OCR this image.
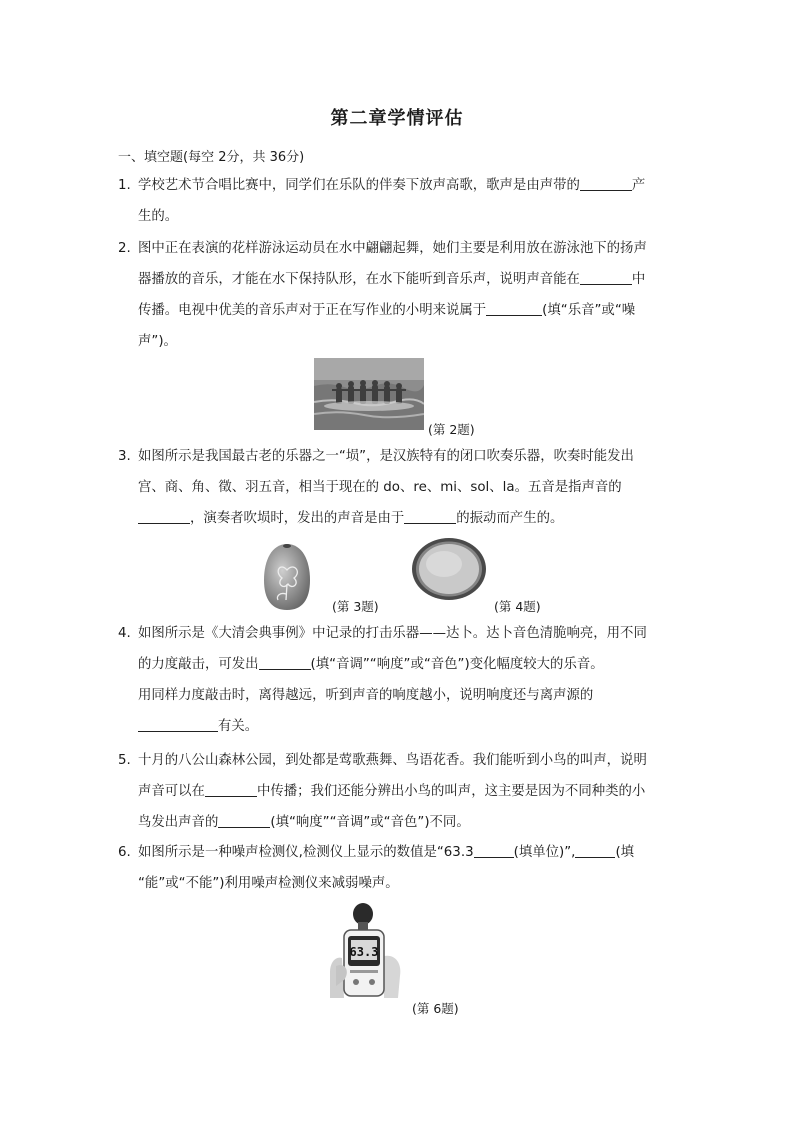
第二章学情评估
一、填空题(每空 2分，共 36分)
1. 学校艺术节合唱比赛中，同学们在乐队的伴奏下放声高歌，歌声是由声带的	产
生的。
2. 图中正在表演的花样游泳运动员在水中翩翩起舞，她们主要是利用放在游泳池下的扬声
器播放的音乐，才能在水下保持队形，在水下能听到音乐声，说明声音能在	中
传播。电视中优美的音乐声对于正在写作业的小明来说属于	(填“乐音”或“噪
声”)。
(第 2题)
3. 如图所示是我国最古老的乐器之一“埙”，是汉族特有的闭口吹奏乐器，吹奏时能发出
宫、商、角、徵、羽五音，相当于现在的 do、re、mi、sol、la。五音是指声音的
，演奏者吹埙时，发出的声音是由于	的振动而产生的。
(第 3题)	(第 4题)
4. 如图所示是《大清会典事例》中记录的打击乐器——达卜。达卜音色清脆响亮，用不同
的力度敲击，可发出	(填“音调”“响度”或“音色”)变化幅度较大的乐音。
用同样力度敲击时，离得越远，听到声音的响度越小，说明响度还与离声源的
有关。
5. 十月的八公山森林公园，到处都是莺歌燕舞、鸟语花香。我们能听到小鸟的叫声，说明
声音可以在	中传播；我们还能分辨出小鸟的叫声，这主要是因为不同种类的小
鸟发出声音的	(填“响度”“音调”或“音色”)不同。
6. 如图所示是一种噪声检测仪,检测仪上显示的数值是“63.3	(填单位)”,	(填
“能”或“不能”)利用噪声检测仪来减弱噪声。
63.3
(第 6题)
